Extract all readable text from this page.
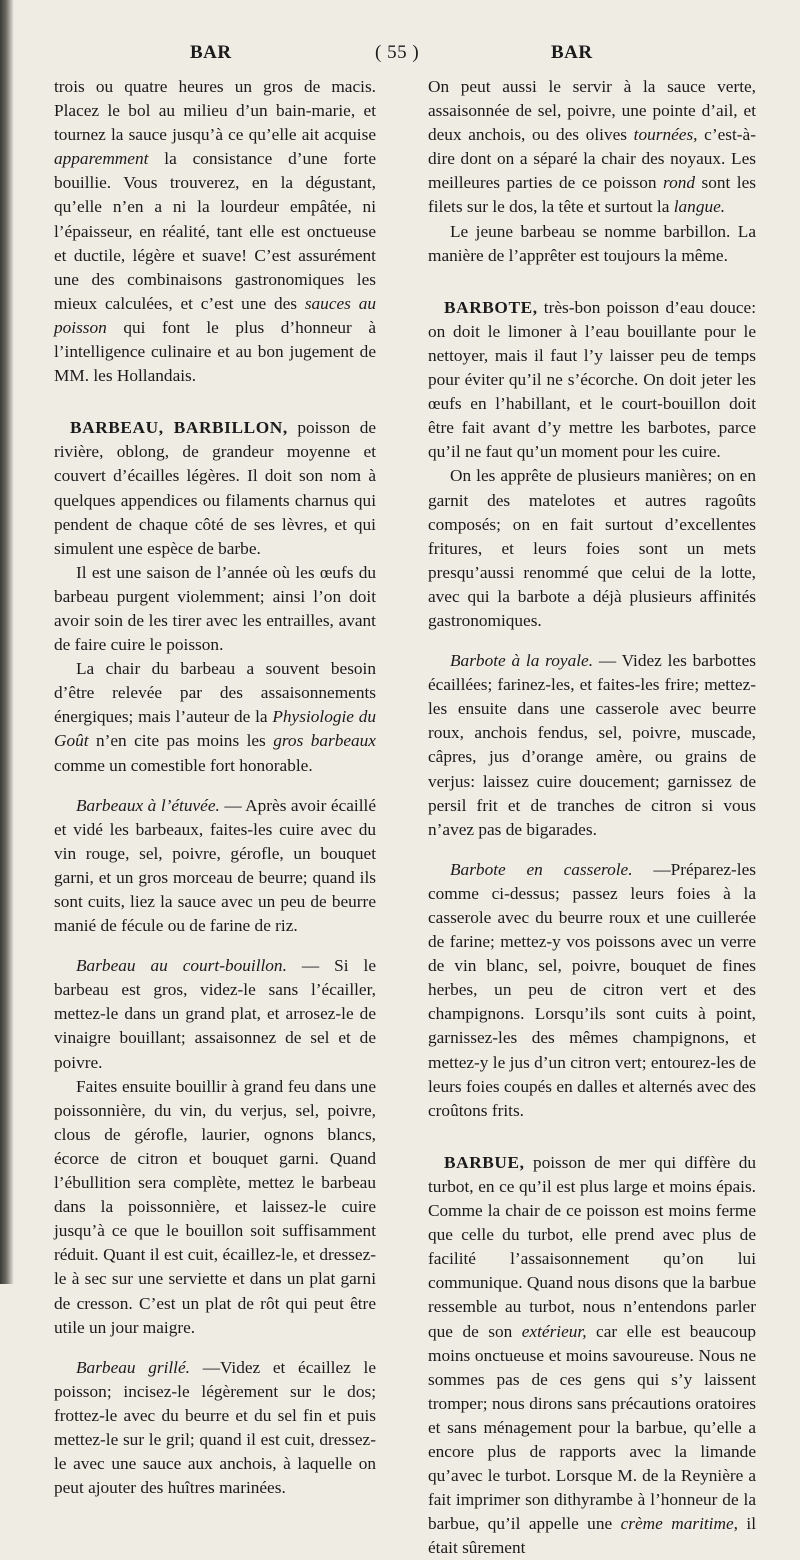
BAR	( 55 )	BAR

trois ou quatre heures un gros de macis. Placez le bol au milieu d’un bain-marie, et tournez la sauce jusqu’à ce qu’elle ait acquise apparemment la consistance d’une forte bouillie. Vous trouverez, en la dégustant, qu’elle n’en a ni la lourdeur empâtée, ni l’épaisseur, en réalité, tant elle est onctueuse et ductile, légère et suave! C’est assurément une des combinaisons gastronomiques les mieux calculées, et c’est une des sauces au poisson qui font le plus d’honneur à l’intelligence culinaire et au bon jugement de MM. les Hollandais.

BARBEAU, BARBILLON, poisson de rivière, oblong, de grandeur moyenne et couvert d’écailles légères. Il doit son nom à quelques appendices ou filaments charnus qui pendent de chaque côté de ses lèvres, et qui simulent une espèce de barbe.

Il est une saison de l’année où les œufs du barbeau purgent violemment; ainsi l’on doit avoir soin de les tirer avec les entrailles, avant de faire cuire le poisson.

La chair du barbeau a souvent besoin d’être relevée par des assaisonnements énergiques; mais l’auteur de la Physiologie du Goût n’en cite pas moins les gros barbeaux comme un comestible fort honorable.

Barbeaux à l’étuvée. — Après avoir écaillé et vidé les barbeaux, faites-les cuire avec du vin rouge, sel, poivre, gérofle, un bouquet garni, et un gros morceau de beurre; quand ils sont cuits, liez la sauce avec un peu de beurre manié de fécule ou de farine de riz.

Barbeau au court-bouillon. — Si le barbeau est gros, videz-le sans l’écailler, mettez-le dans un grand plat, et arrosez-le de vinaigre bouillant; assaisonnez de sel et de poivre.

Faites ensuite bouillir à grand feu dans une poissonnière, du vin, du verjus, sel, poivre, clous de gérofle, laurier, ognons blancs, écorce de citron et bouquet garni. Quand l’ébullition sera complète, mettez le barbeau dans la poissonnière, et laissez-le cuire jusqu’à ce que le bouillon soit suffisamment réduit. Quant il est cuit, écaillez-le, et dressez-le à sec sur une serviette et dans un plat garni de cresson. C’est un plat de rôt qui peut être utile un jour maigre.

Barbeau grillé. —Videz et écaillez le poisson; incisez-le légèrement sur le dos; frottez-le avec du beurre et du sel fin et puis mettez-le sur le gril; quand il est cuit, dressez-le avec une sauce aux anchois, à laquelle on peut ajouter des huîtres marinées.

On peut aussi le servir à la sauce verte, assaisonnée de sel, poivre, une pointe d’ail, et deux anchois, ou des olives tournées, c’est-à-dire dont on a séparé la chair des noyaux. Les meilleures parties de ce poisson rond sont les filets sur le dos, la tête et surtout la langue.

Le jeune barbeau se nomme barbillon. La manière de l’apprêter est toujours la même.

BARBOTE, très-bon poisson d’eau douce: on doit le limoner à l’eau bouillante pour le nettoyer, mais il faut l’y laisser peu de temps pour éviter qu’il ne s’écorche. On doit jeter les œufs en l’habillant, et le court-bouillon doit être fait avant d’y mettre les barbotes, parce qu’il ne faut qu’un moment pour les cuire.

On les apprête de plusieurs manières; on en garnit des matelotes et autres ragoûts composés; on en fait surtout d’excellentes fritures, et leurs foies sont un mets presqu’aussi renommé que celui de la lotte, avec qui la barbote a déjà plusieurs affinités gastronomiques.

Barbote à la royale. — Videz les barbottes écaillées; farinez-les, et faites-les frire; mettez-les ensuite dans une casserole avec beurre roux, anchois fendus, sel, poivre, muscade, câpres, jus d’orange amère, ou grains de verjus: laissez cuire doucement; garnissez de persil frit et de tranches de citron si vous n’avez pas de bigarades.

Barbote en casserole. —Préparez-les comme ci-dessus; passez leurs foies à la casserole avec du beurre roux et une cuillerée de farine; mettez-y vos poissons avec un verre de vin blanc, sel, poivre, bouquet de fines herbes, un peu de citron vert et des champignons. Lorsqu’ils sont cuits à point, garnissez-les des mêmes champignons, et mettez-y le jus d’un citron vert; entourez-les de leurs foies coupés en dalles et alternés avec des croûtons frits.

BARBUE, poisson de mer qui diffère du turbot, en ce qu’il est plus large et moins épais. Comme la chair de ce poisson est moins ferme que celle du turbot, elle prend avec plus de facilité l’assaisonnement qu’on lui communique. Quand nous disons que la barbue ressemble au turbot, nous n’entendons parler que de son extérieur, car elle est beaucoup moins onctueuse et moins savoureuse. Nous ne sommes pas de ces gens qui s’y laissent tromper; nous dirons sans précautions oratoires et sans ménagement pour la barbue, qu’elle a encore plus de rapports avec la limande qu’avec le turbot. Lorsque M. de la Reynière a fait imprimer son dithyrambe à l’honneur de la barbue, qu’il appelle une crème maritime, il était sûrement
